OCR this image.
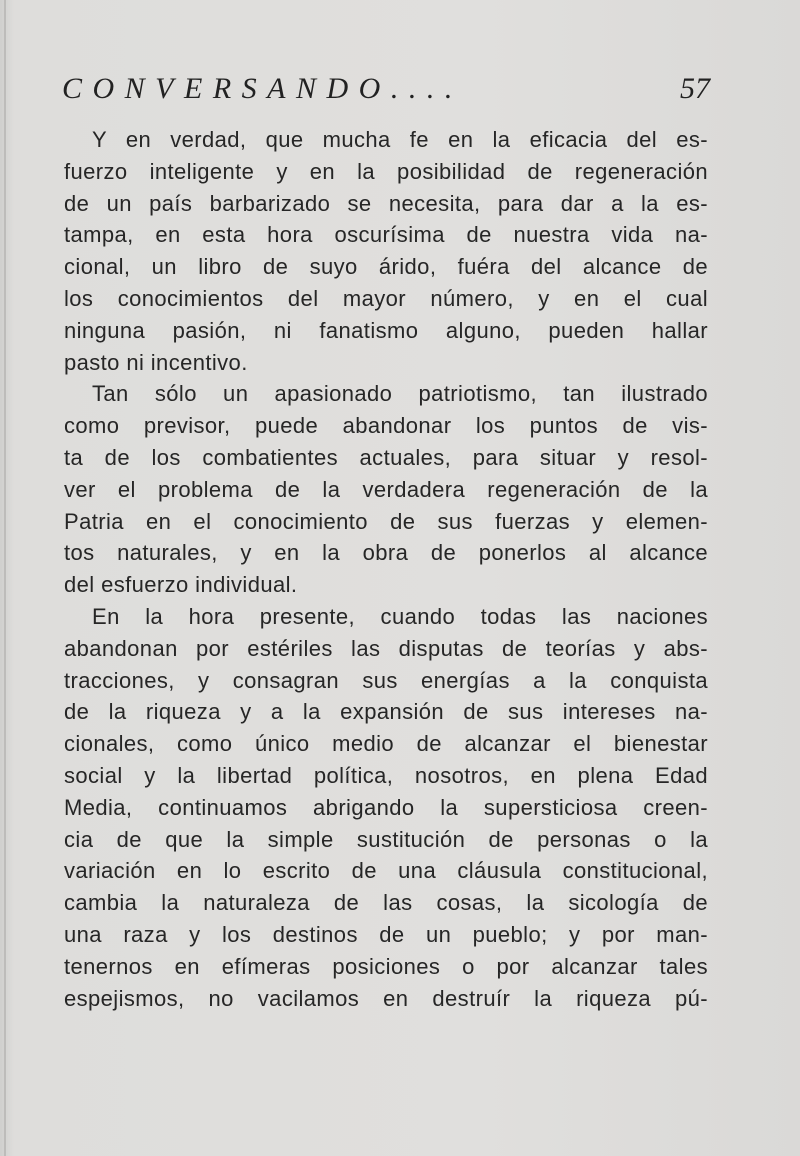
CONVERSANDO....	57
Y en verdad, que mucha fe en la eficacia del es-
fuerzo inteligente y en la posibilidad de regeneración
de un país barbarizado se necesita, para dar a la es-
tampa, en esta hora oscurísima de nuestra vida na-
cional, un libro de suyo árido, fuéra del alcance de
los conocimientos del mayor número, y en el cual
ninguna pasión, ni fanatismo alguno, pueden hallar
pasto ni incentivo.
Tan sólo un apasionado patriotismo, tan ilustrado
como previsor, puede abandonar los puntos de vis-
ta de los combatientes actuales, para situar y resol-
ver el problema de la verdadera regeneración de la
Patria en el conocimiento de sus fuerzas y elemen-
tos naturales, y en la obra de ponerlos al alcance
del esfuerzo individual.
En la hora presente, cuando todas las naciones
abandonan por estériles las disputas de teorías y abs-
tracciones, y consagran sus energías a la conquista
de la riqueza y a la expansión de sus intereses na-
cionales, como único medio de alcanzar el bienestar
social y la libertad política, nosotros, en plena Edad
Media, continuamos abrigando la supersticiosa creen-
cia de que la simple sustitución de personas o la
variación en lo escrito de una cláusula constitucional,
cambia la naturaleza de las cosas, la sicología de
una raza y los destinos de un pueblo; y por man-
tenernos en efímeras posiciones o por alcanzar tales
espejismos, no vacilamos en destruír la riqueza pú-
